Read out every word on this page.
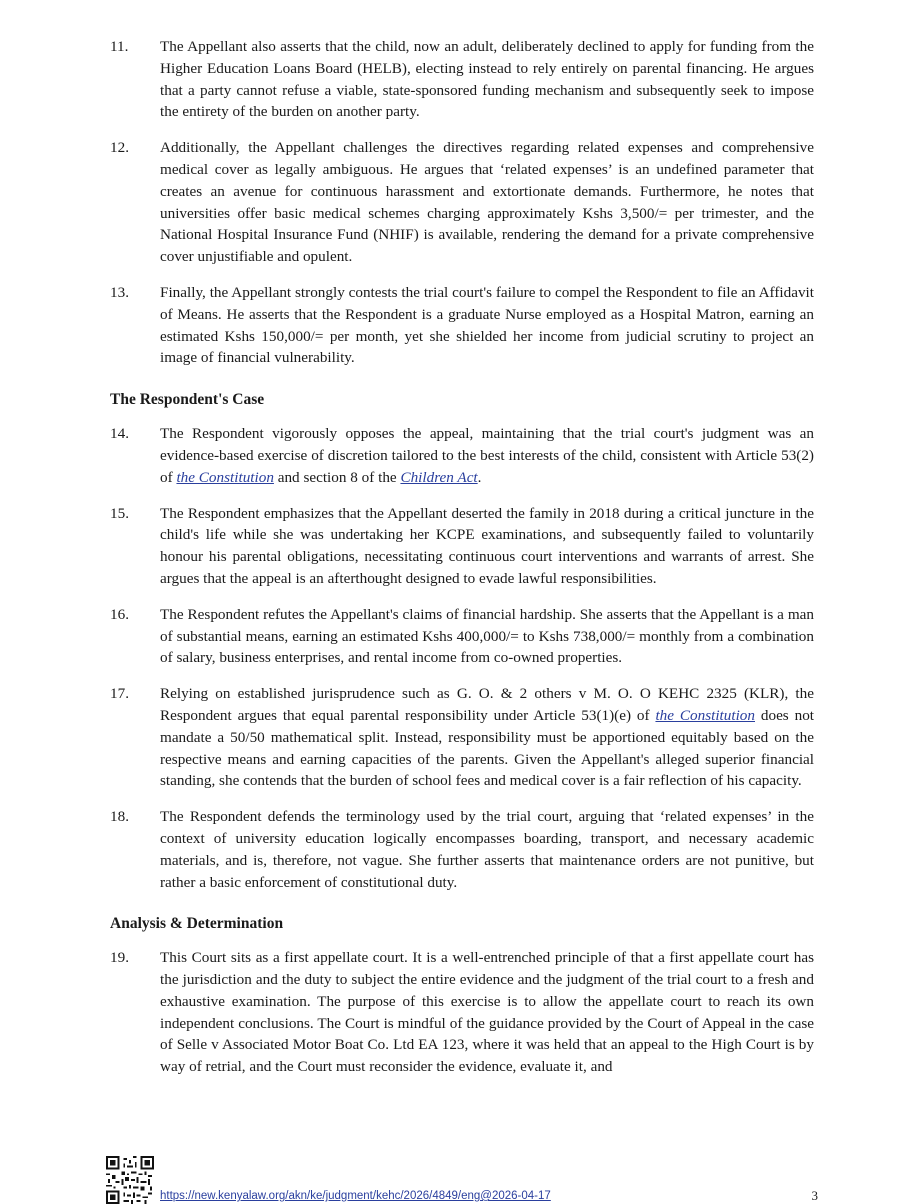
11.	The Appellant also asserts that the child, now an adult, deliberately declined to apply for funding from the Higher Education Loans Board (HELB), electing instead to rely entirely on parental financing. He argues that a party cannot refuse a viable, state-sponsored funding mechanism and subsequently seek to impose the entirety of the burden on another party.
12.	Additionally, the Appellant challenges the directives regarding related expenses and comprehensive medical cover as legally ambiguous. He argues that ‘related expenses’ is an undefined parameter that creates an avenue for continuous harassment and extortionate demands. Furthermore, he notes that universities offer basic medical schemes charging approximately Kshs 3,500/= per trimester, and the National Hospital Insurance Fund (NHIF) is available, rendering the demand for a private comprehensive cover unjustifiable and opulent.
13.	Finally, the Appellant strongly contests the trial court's failure to compel the Respondent to file an Affidavit of Means. He asserts that the Respondent is a graduate Nurse employed as a Hospital Matron, earning an estimated Kshs 150,000/= per month, yet she shielded her income from judicial scrutiny to project an image of financial vulnerability.
The Respondent's Case
14.	The Respondent vigorously opposes the appeal, maintaining that the trial court's judgment was an evidence-based exercise of discretion tailored to the best interests of the child, consistent with Article 53(2) of the Constitution and section 8 of the Children Act.
15.	The Respondent emphasizes that the Appellant deserted the family in 2018 during a critical juncture in the child's life while she was undertaking her KCPE examinations, and subsequently failed to voluntarily honour his parental obligations, necessitating continuous court interventions and warrants of arrest. She argues that the appeal is an afterthought designed to evade lawful responsibilities.
16.	The Respondent refutes the Appellant's claims of financial hardship. She asserts that the Appellant is a man of substantial means, earning an estimated Kshs 400,000/= to Kshs 738,000/= monthly from a combination of salary, business enterprises, and rental income from co-owned properties.
17.	Relying on established jurisprudence such as G. O. & 2 others v M. O. O KEHC 2325 (KLR), the Respondent argues that equal parental responsibility under Article 53(1)(e) of the Constitution does not mandate a 50/50 mathematical split. Instead, responsibility must be apportioned equitably based on the respective means and earning capacities of the parents. Given the Appellant's alleged superior financial standing, she contends that the burden of school fees and medical cover is a fair reflection of his capacity.
18.	The Respondent defends the terminology used by the trial court, arguing that ‘related expenses’ in the context of university education logically encompasses boarding, transport, and necessary academic materials, and is, therefore, not vague. She further asserts that maintenance orders are not punitive, but rather a basic enforcement of constitutional duty.
Analysis & Determination
19.	This Court sits as a first appellate court. It is a well-entrenched principle of that a first appellate court has the jurisdiction and the duty to subject the entire evidence and the judgment of the trial court to a fresh and exhaustive examination. The purpose of this exercise is to allow the appellate court to reach its own independent conclusions. The Court is mindful of the guidance provided by the Court of Appeal in the case of Selle v Associated Motor Boat Co. Ltd EA 123, where it was held that an appeal to the High Court is by way of retrial, and the Court must reconsider the evidence, evaluate it, and
https://new.kenyalaw.org/akn/ke/judgment/kehc/2026/4849/eng@2026-04-17	3
